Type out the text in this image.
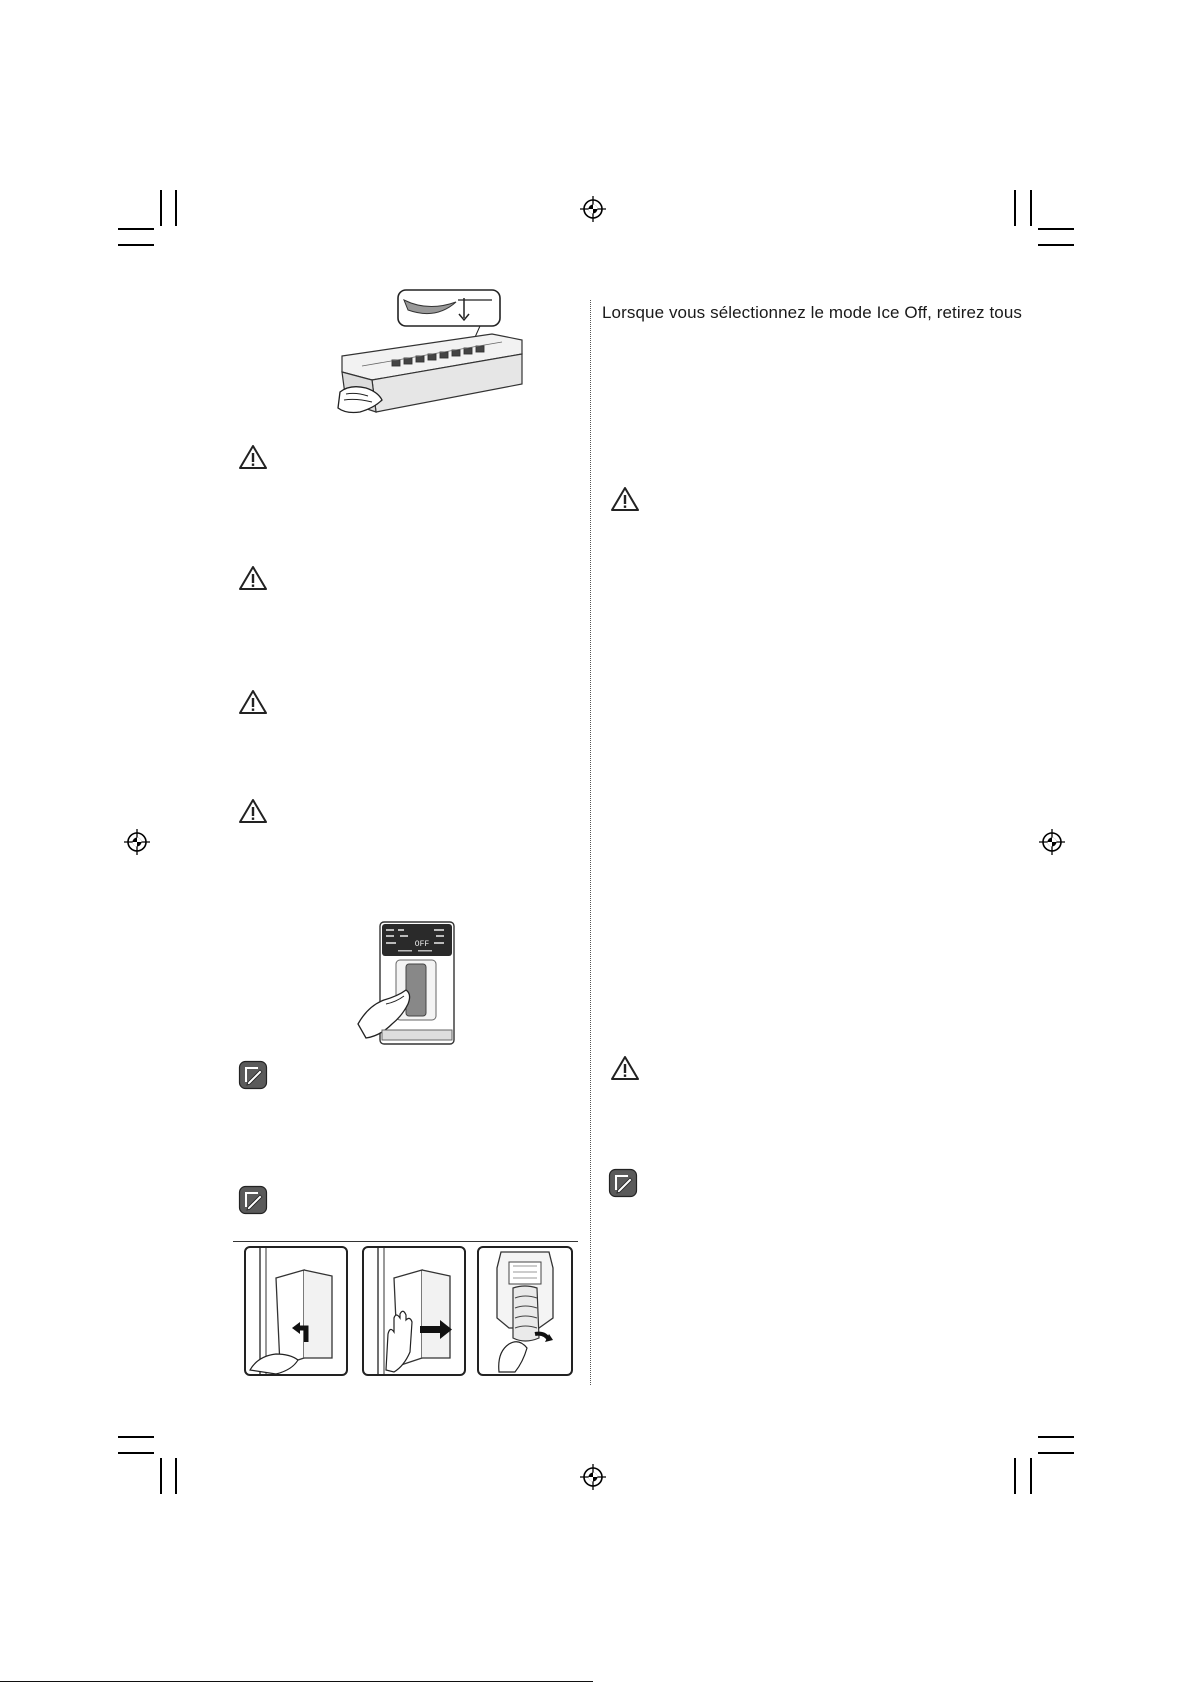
Lorsque vous sélectionnez le mode Ice Off, retirez tous
OFF
